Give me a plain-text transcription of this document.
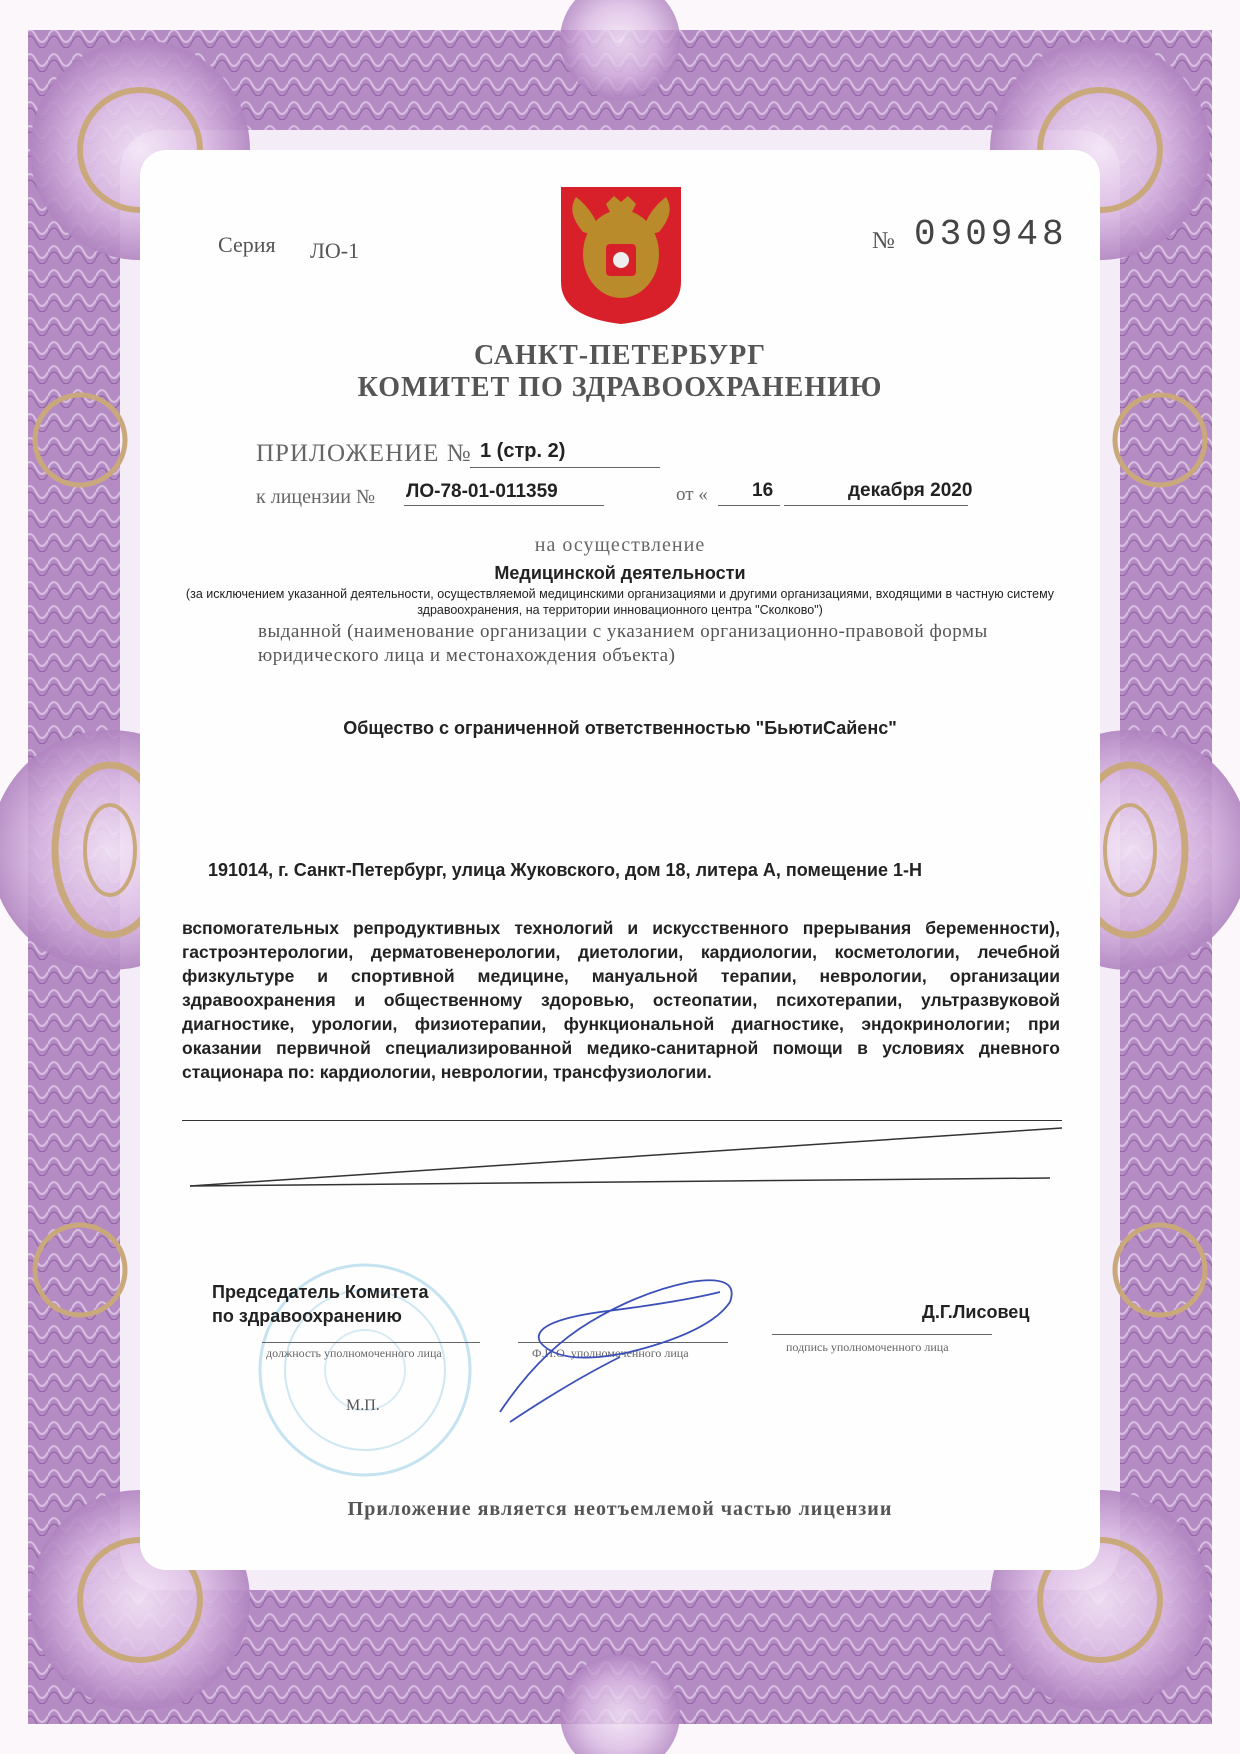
Серия ЛО-1	№ 030948
САНКТ-ПЕТЕРБУРГ
КОМИТЕТ ПО ЗДРАВООХРАНЕНИЮ
ПРИЛОЖЕНИЕ № 1 (стр. 2)
к лицензии № ЛО-78-01-011359	от « 16	декабря 2020
на осуществление
Медицинской деятельности
(за исключением указанной деятельности, осуществляемой медицинскими организациями и другими организациями, входящими в частную систему здравоохранения, на территории инновационного центра "Сколково")
выданной (наименование организации с указанием организационно-правовой формы юридического лица и местонахождения объекта)
Общество с ограниченной ответственностью "БьютиСайенс"
191014, г. Санкт-Петербург, улица Жуковского, дом 18, литера А, помещение 1-Н
вспомогательных репродуктивных технологий и искусственного прерывания беременности), гастроэнтерологии, дерматовенерологии, диетологии, кардиологии, косметологии, лечебной физкультуре и спортивной медицине, мануальной терапии, неврологии, организации здравоохранения и общественному здоровью, остеопатии, психотерапии, ультразвуковой диагностике, урологии, физиотерапии, функциональной диагностике, эндокринологии; при оказании первичной специализированной медико-санитарной помощи в условиях дневного стационара по: кардиологии, неврологии, трансфузиологии.
Председатель Комитета
по здравоохранению	Д.Г.Лисовец
должность уполномоченного лица	Ф.И.О. уполномоченного лица	подпись уполномоченного лица
М.П.
Приложение является неотъемлемой частью лицензии
